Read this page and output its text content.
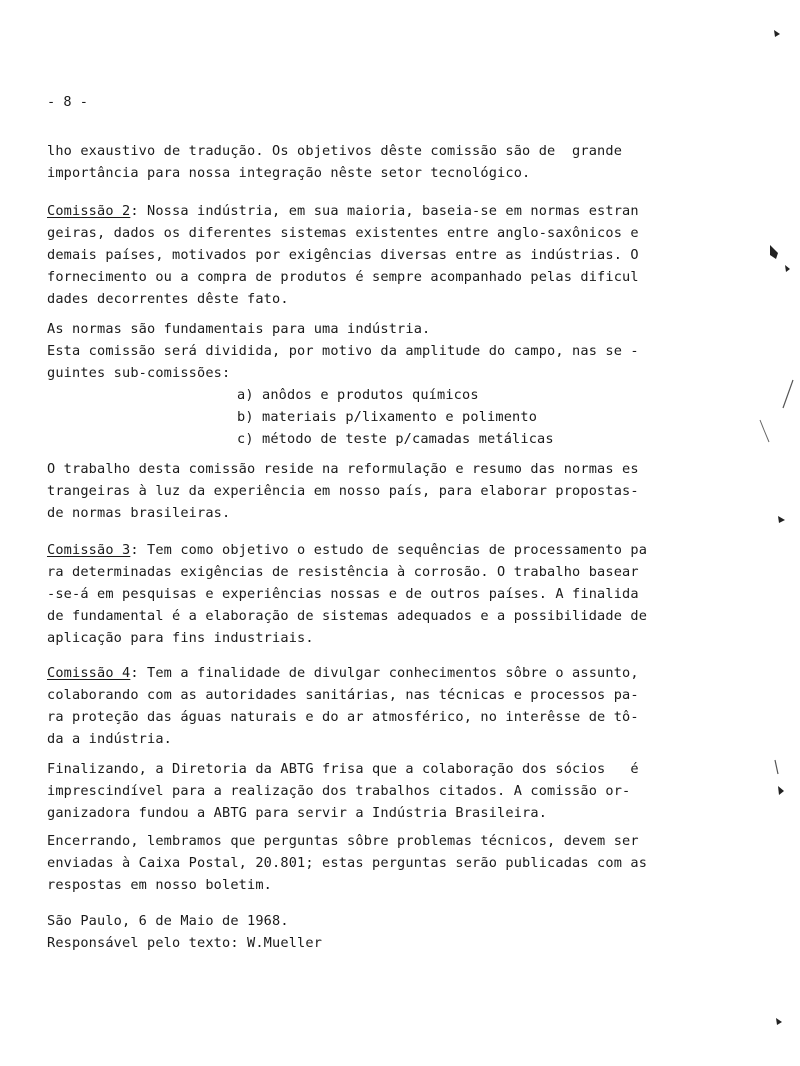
- 8 -
lho exaustivo de tradução. Os objetivos dêste comissão são de  grande
importância para nossa integração nêste setor tecnológico.
Comissão 2: Nossa indústria, em sua maioria, baseia-se em normas estran
geiras, dados os diferentes sistemas existentes entre anglo-saxônicos e
demais países, motivados por exigências diversas entre as indústrias. O
fornecimento ou a compra de produtos é sempre acompanhado pelas dificul
dades decorrentes dêste fato.
As normas são fundamentais para uma indústria.
Esta comissão será dividida, por motivo da amplitude do campo, nas se -
guintes sub-comissões:
a) anôdos e produtos químicos
b) materiais p/lixamento e polimento
c) método de teste p/camadas metálicas
O trabalho desta comissão reside na reformulação e resumo das normas es
trangeiras à luz da experiência em nosso país, para elaborar propostas-
de normas brasileiras.
Comissão 3: Tem como objetivo o estudo de sequências de processamento pa
ra determinadas exigências de resistência à corrosão. O trabalho basear
-se-á em pesquisas e experiências nossas e de outros países. A finalida
de fundamental é a elaboração de sistemas adequados e a possibilidade de
aplicação para fins industriais.
Comissão 4: Tem a finalidade de divulgar conhecimentos sôbre o assunto,
colaborando com as autoridades sanitárias, nas técnicas e processos pa-
ra proteção das águas naturais e do ar atmosférico, no interêsse de tô-
da a indústria.
Finalizando, a Diretoria da ABTG frisa que a colaboração dos sócios   é
imprescindível para a realização dos trabalhos citados. A comissão or-
ganizadora fundou a ABTG para servir a Indústria Brasileira.
Encerrando, lembramos que perguntas sôbre problemas técnicos, devem ser
enviadas à Caixa Postal, 20.801; estas perguntas serão publicadas com as
respostas em nosso boletim.
São Paulo, 6 de Maio de 1968.
Responsável pelo texto: W.Mueller
